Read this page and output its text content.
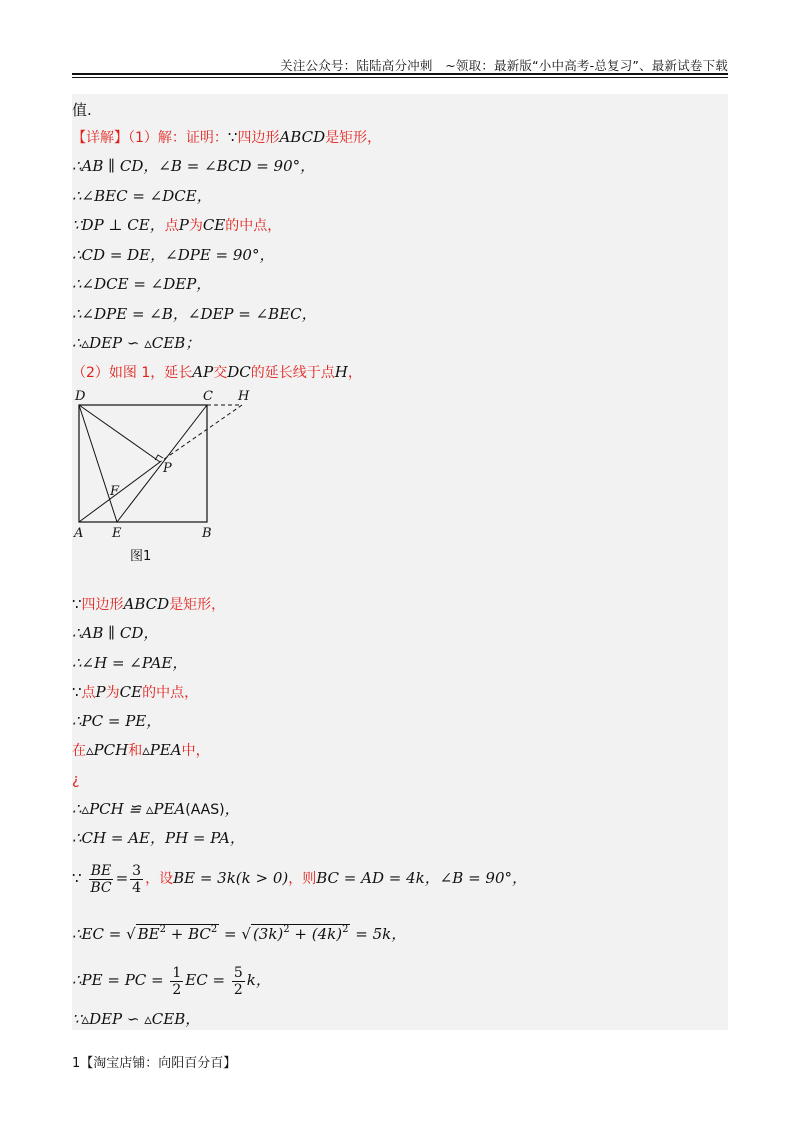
关注公众号：陆陆高分冲刺　~领取：最新版“小中高考-总复习”、最新试卷下载
值.
【详解】（1）解：证明：∵四边形ABCD是矩形，
∴AB ∥ CD，∠B = ∠BCD = 90°，
∴∠BEC = ∠DCE，
∵DP ⊥ CE，点P为CE的中点，
∴CD = DE，∠DPE = 90°，
∴∠DCE = ∠DEP，
∴∠DPE = ∠B，∠DEP = ∠BEC，
∴▵DEP ∽ ▵CEB；
（2）如图 1，延长AP交DC的延长线于点H，
D	C H
P
F
A E	B
图1
∵四边形ABCD是矩形，
∴AB ∥ CD，
∴∠H = ∠PAE，
∵点P为CE的中点，
∴PC = PE，
在▵PCH和▵PEA中，
¿
∴▵PCH ≌ ▵PEA(AAS)，
∴CH = AE，PH = PA，
∵ $\frac{BE}{BC} = \frac{3}{4}$ ，设BE = 3k(k > 0)，则BC = AD = 4k，∠B = 90°，
∴EC = √ $BE^2 + BC^2$ = √ $(3k)^2 + (4k)^2 = 5k$，
∴PE = PC = $\frac{1}{2}$ EC = $\frac{5}{2}$ k，
∵▵DEP ∽ ▵CEB，
1【淘宝店铺：向阳百分百】
